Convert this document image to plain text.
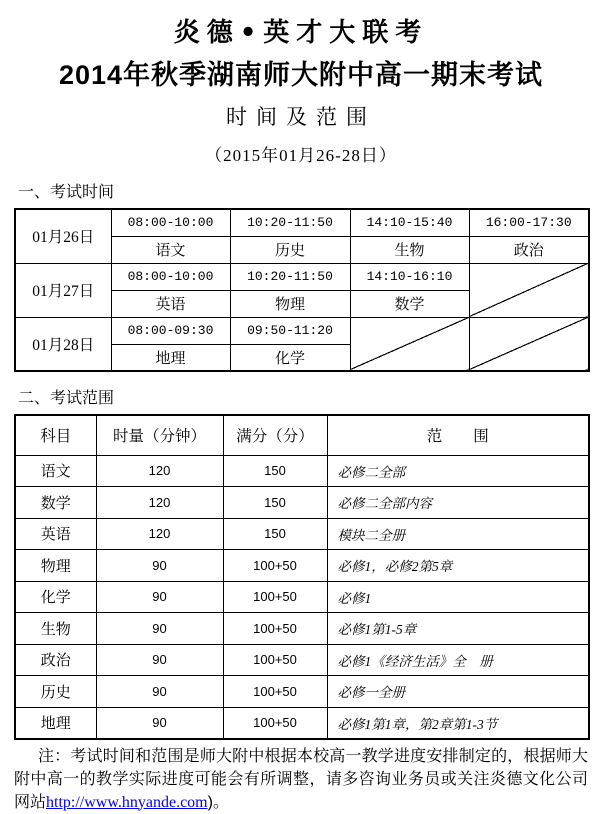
炎德•英才大联考
2014年秋季湖南师大附中高一期末考试
时间及范围
（2015年01月26-28日）
一、考试时间
01月26日	08:00-10:00	10:20-11:50	14:10-15:40	16:00-17:30
	语文	历史	生物	政治
01月27日	08:00-10:00	10:20-11:50	14:10-16:10	
	英语	物理	数学	
01月28日	08:00-09:30	09:50-11:20		
	地理	化学		
二、考试范围
科目	时量（分钟）	满分（分）	范　　围
语文	120	150	必修二全部
数学	120	150	必修二全部内容
英语	120	150	模块二全册
物理	90	100+50	必修1，必修2第5章
化学	90	100+50	必修1
生物	90	100+50	必修1第1-5章
政治	90	100+50	必修1《经济生活》全　册
历史	90	100+50	必修一全册
地理	90	100+50	必修1第1章，第2章第1-3节

注：考试时间和范围是师大附中根据本校高一教学进度安排制定的，根据师大附中高一的教学实际进度可能会有所调整，请多咨询业务员或关注炎德文化公司网站http://www.hnyande.com)。
